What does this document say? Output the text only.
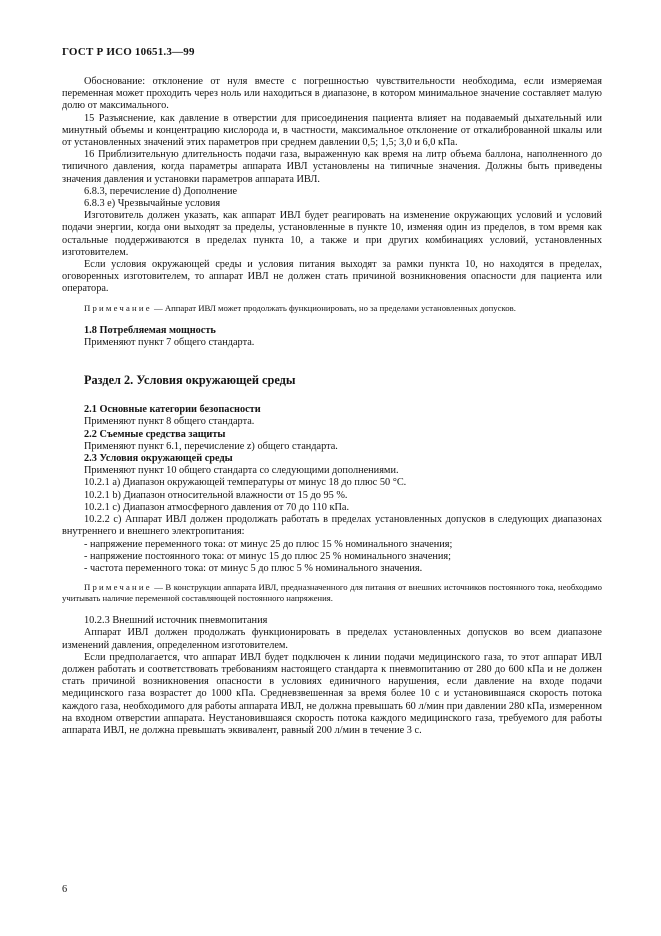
ГОСТ Р ИСО 10651.3—99

Обоснование: отклонение от нуля вместе с погрешностью чувствительности необходима, если измеряемая переменная может проходить через ноль или находиться в диапазоне, в котором минимальное значение составляет малую долю от максимального.

15 Разъяснение, как давление в отверстии для присоединения пациента влияет на подаваемый дыхательный или минутный объемы и концентрацию кислорода и, в частности, максимальное отклонение от откалиброванной шкалы или от установленных значений этих параметров при среднем давлении 0,5; 1,5; 3,0 и 6,0 кПа.

16 Приблизительную длительность подачи газа, выраженную как время на литр объема баллона, наполненного до типичного давления, когда параметры аппарата ИВЛ установлены на типичные значения. Должны быть приведены значения давления и установки параметров аппарата ИВЛ.

6.8.3, перечисление d) Дополнение

6.8.3 е) Чрезвычайные условия

Изготовитель должен указать, как аппарат ИВЛ будет реагировать на изменение окружающих условий и условий подачи энергии, когда они выходят за пределы, установленные в пункте 10, изменяя один из пределов, в том время как остальные поддерживаются в пределах пункта 10, а также и при других комбинациях условий, установленных изготовителем.

Если условия окружающей среды и условия питания выходят за рамки пункта 10, но находятся в пределах, оговоренных изготовителем, то аппарат ИВЛ не должен стать причиной возникновения опасности для пациента или оператора.

Примечание — Аппарат ИВЛ может продолжать функционировать, но за пределами установленных допусков.

1.8 Потребляемая мощность

Применяют пункт 7 общего стандарта.

Раздел 2. Условия окружающей среды

2.1 Основные категории безопасности

Применяют пункт 8 общего стандарта.

2.2 Съемные средства защиты

Применяют пункт 6.1, перечисление z) общего стандарта.

2.3 Условия окружающей среды

Применяют пункт 10 общего стандарта со следующими дополнениями.

10.2.1 а) Диапазон окружающей температуры от минус 18 до плюс 50 °С.

10.2.1 b) Диапазон относительной влажности от 15 до 95 %.

10.2.1 с) Диапазон атмосферного давления от 70 до 110 кПа.

10.2.2 с) Аппарат ИВЛ должен продолжать работать в пределах установленных допусков в следующих диапазонах внутреннего и внешнего электропитания:

- напряжение переменного тока: от минус 25 до плюс 15 % номинального значения;

- напряжение постоянного тока: от минус 15 до плюс 25 % номинального значения;

- частота переменного тока: от минус 5 до плюс 5 % номинального значения.

Примечание — В конструкции аппарата ИВЛ, предназначенного для питания от внешних источников постоянного тока, необходимо учитывать наличие переменной составляющей постоянного напряжения.

10.2.3 Внешний источник пневмопитания

Аппарат ИВЛ должен продолжать функционировать в пределах установленных допусков во всем диапазоне изменений давления, определенном изготовителем.

Если предполагается, что аппарат ИВЛ будет подключен к линии подачи медицинского газа, то этот аппарат ИВЛ должен работать и соответствовать требованиям настоящего стандарта к пневмопитанию от 280 до 600 кПа и не должен стать причиной возникновения опасности в условиях единичного нарушения, если давление на входе подачи медицинского газа возрастет до 1000 кПа. Средневзвешенная за время более 10 с и установившаяся скорость потока каждого газа, необходимого для работы аппарата ИВЛ, не должна превышать 60 л/мин при давлении 280 кПа, измеренном на входном отверстии аппарата. Неустановившаяся скорость потока каждого медицинского газа, требуемого для работы аппарата ИВЛ, не должна превышать эквивалент, равный 200 л/мин в течение 3 с.

6
